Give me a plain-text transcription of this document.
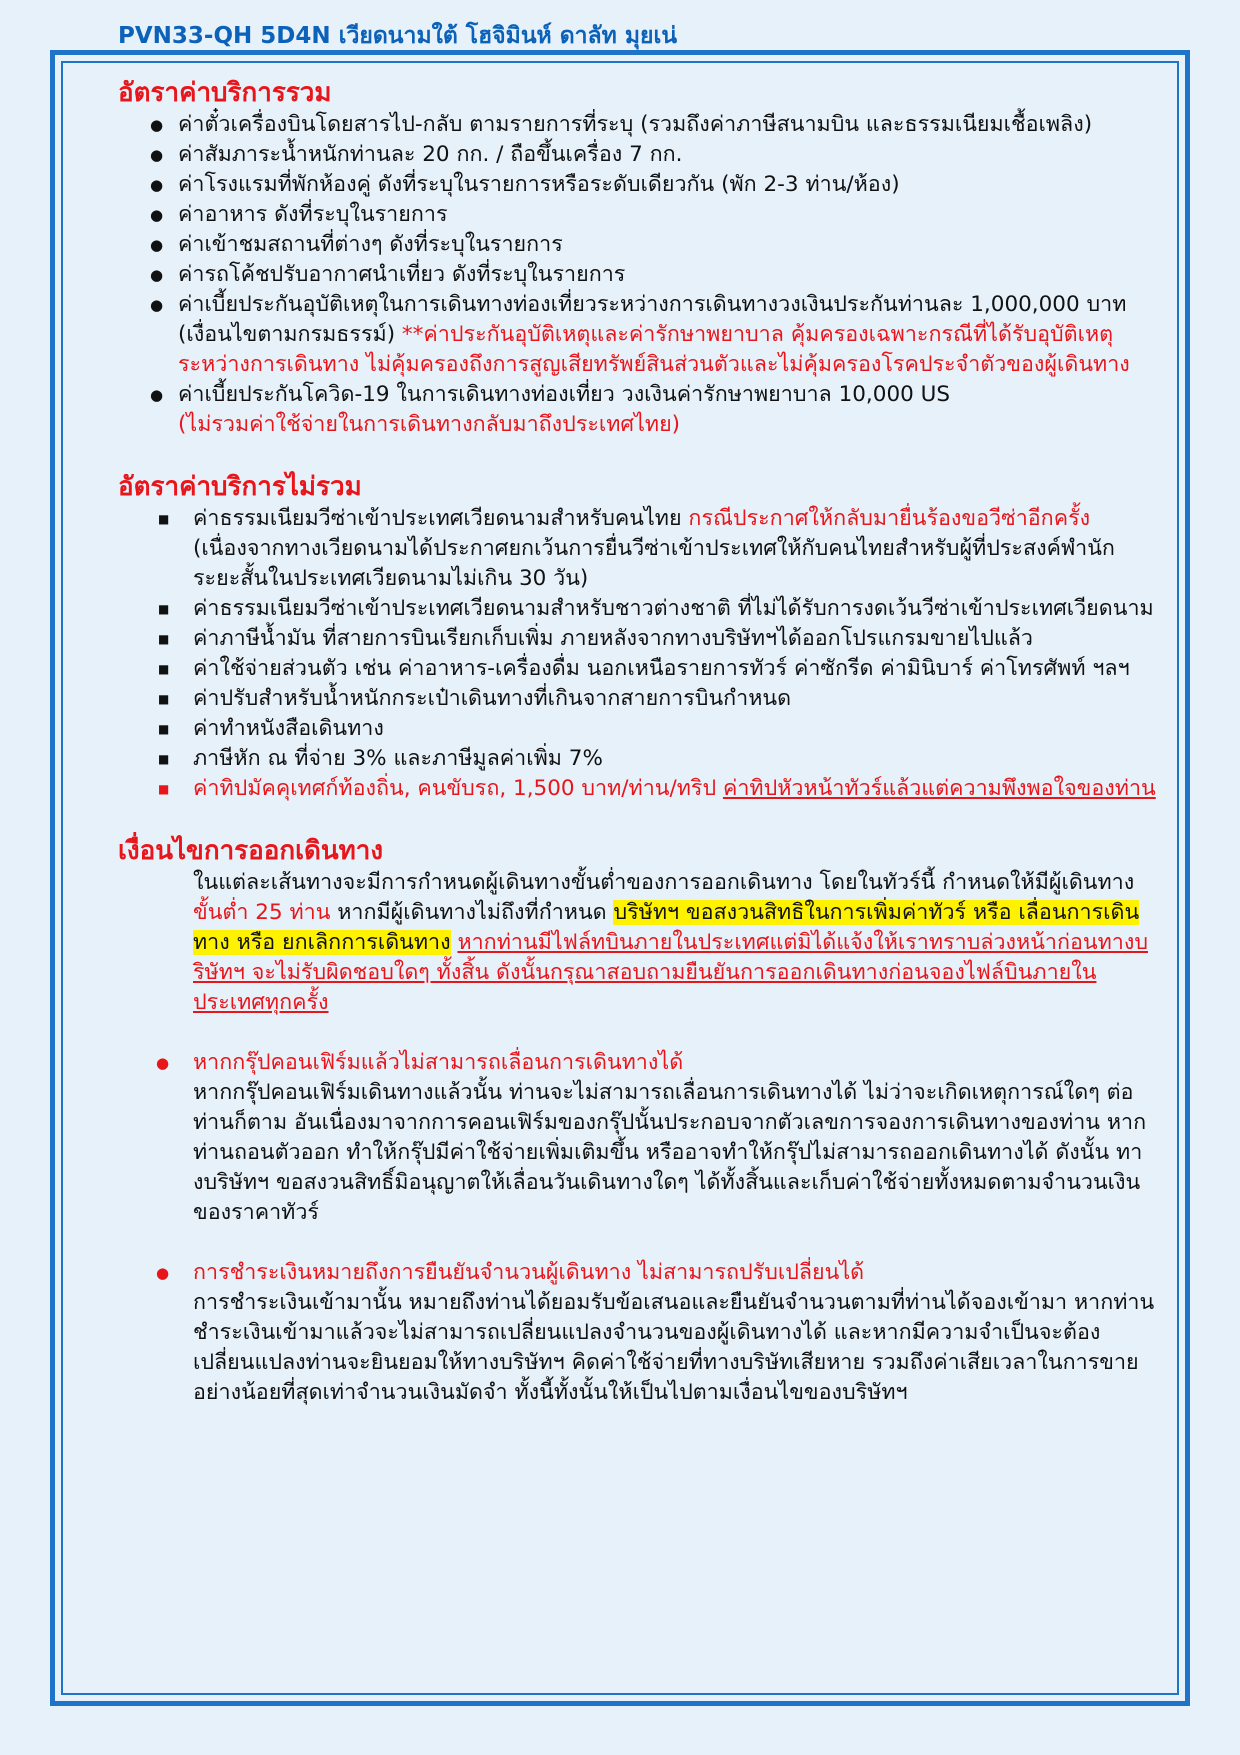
PVN33-QH 5D4N เวียดนามใต้ โฮจิมินห์ ดาลัท มุยเน่
อัตราค่าบริการรวม
● ค่าตั๋วเครื่องบินโดยสารไป-กลับ ตามรายการที่ระบุ (รวมถึงค่าภาษีสนามบิน และธรรมเนียมเชื้อเพลิง)
● ค่าสัมภาระน้ำหนักท่านละ 20 กก. / ถือขึ้นเครื่อง 7 กก.
● ค่าโรงแรมที่พักห้องคู่ ดังที่ระบุในรายการหรือระดับเดียวกัน (พัก 2-3 ท่าน/ห้อง)
● ค่าอาหาร ดังที่ระบุในรายการ
● ค่าเข้าชมสถานที่ต่างๆ ดังที่ระบุในรายการ
● ค่ารถโค้ชปรับอากาศนำเที่ยว ดังที่ระบุในรายการ
● ค่าเบี้ยประกันอุบัติเหตุในการเดินทางท่องเที่ยวระหว่างการเดินทางวงเงินประกันท่านละ 1,000,000 บาท (เงื่อนไขตามกรมธรรม์) **ค่าประกันอุบัติเหตุและค่ารักษาพยาบาล คุ้มครองเฉพาะกรณีที่ได้รับอุบัติเหตุระหว่างการเดินทาง ไม่คุ้มครองถึงการสูญเสียทรัพย์สินส่วนตัวและไม่คุ้มครองโรคประจำตัวของผู้เดินทาง
● ค่าเบี้ยประกันโควิด-19 ในการเดินทางท่องเที่ยว วงเงินค่ารักษาพยาบาล 10,000 US
(ไม่รวมค่าใช้จ่ายในการเดินทางกลับมาถึงประเทศไทย)
อัตราค่าบริการไม่รวม
■ ค่าธรรมเนียมวีซ่าเข้าประเทศเวียดนามสำหรับคนไทย กรณีประกาศให้กลับมายื่นร้องขอวีซ่าอีกครั้ง (เนื่องจากทางเวียดนามได้ประกาศยกเว้นการยื่นวีซ่าเข้าประเทศให้กับคนไทยสำหรับผู้ที่ประสงค์พำนักระยะสั้นในประเทศเวียดนามไม่เกิน 30 วัน)
■ ค่าธรรมเนียมวีซ่าเข้าประเทศเวียดนามสำหรับชาวต่างชาติ ที่ไม่ได้รับการงดเว้นวีซ่าเข้าประเทศเวียดนาม
■ ค่าภาษีน้ำมัน ที่สายการบินเรียกเก็บเพิ่ม ภายหลังจากทางบริษัทฯได้ออกโปรแกรมขายไปแล้ว
■ ค่าใช้จ่ายส่วนตัว เช่น ค่าอาหาร-เครื่องดื่ม นอกเหนือรายการทัวร์ ค่าซักรีด ค่ามินิบาร์ ค่าโทรศัพท์ ฯลฯ
■ ค่าปรับสำหรับน้ำหนักกระเป๋าเดินทางที่เกินจากสายการบินกำหนด
■ ค่าทำหนังสือเดินทาง
■ ภาษีหัก ณ ที่จ่าย 3% และภาษีมูลค่าเพิ่ม 7%
■ ค่าทิปมัคคุเทศก์ท้องถิ่น, คนขับรถ, 1,500 บาท/ท่าน/ทริป ค่าทิปหัวหน้าทัวร์แล้วแต่ความพึงพอใจของท่าน
เงื่อนไขการออกเดินทาง
ในแต่ละเส้นทางจะมีการกำหนดผู้เดินทางขั้นต่ำของการออกเดินทาง โดยในทัวร์นี้ กำหนดให้มีผู้เดินทางขั้นต่ำ 25 ท่าน หากมีผู้เดินทางไม่ถึงที่กำหนด บริษัทฯ ขอสงวนสิทธิในการเพิ่มค่าทัวร์ หรือ เลื่อนการเดินทาง หรือ ยกเลิกการเดินทาง หากท่านมีไฟล์ทบินภายในประเทศแต่มิได้แจ้งให้เราทราบล่วงหน้าก่อนทางบริษัทฯ จะไม่รับผิดชอบใดๆ ทั้งสิ้น ดังนั้นกรุณาสอบถามยืนยันการออกเดินทางก่อนจองไฟล์บินภายในประเทศทุกครั้ง
● หากกรุ๊ปคอนเฟิร์มแล้วไม่สามารถเลื่อนการเดินทางได้
หากกรุ๊ปคอนเฟิร์มเดินทางแล้วนั้น ท่านจะไม่สามารถเลื่อนการเดินทางได้ ไม่ว่าจะเกิดเหตุการณ์ใดๆ ต่อท่านก็ตาม อันเนื่องมาจากการคอนเฟิร์มของกรุ๊ปนั้นประกอบจากตัวเลขการจองการเดินทางของท่าน หากท่านถอนตัวออก ทำให้กรุ๊ปมีค่าใช้จ่ายเพิ่มเติมขึ้น หรืออาจทำให้กรุ๊ปไม่สามารถออกเดินทางได้ ดังนั้น ทางบริษัทฯ ขอสงวนสิทธิ์มิอนุญาตให้เลื่อนวันเดินทางใดๆ ได้ทั้งสิ้นและเก็บค่าใช้จ่ายทั้งหมดตามจำนวนเงินของราคาทัวร์
● การชำระเงินหมายถึงการยืนยันจำนวนผู้เดินทาง ไม่สามารถปรับเปลี่ยนได้
การชำระเงินเข้ามานั้น หมายถึงท่านได้ยอมรับข้อเสนอและยืนยันจำนวนตามที่ท่านได้จองเข้ามา หากท่านชำระเงินเข้ามาแล้วจะไม่สามารถเปลี่ยนแปลงจำนวนของผู้เดินทางได้ และหากมีความจำเป็นจะต้องเปลี่ยนแปลงท่านจะยินยอมให้ทางบริษัทฯ คิดค่าใช้จ่ายที่ทางบริษัทเสียหาย รวมถึงค่าเสียเวลาในการขาย อย่างน้อยที่สุดเท่าจำนวนเงินมัดจำ ทั้งนี้ทั้งนั้นให้เป็นไปตามเงื่อนไขของบริษัทฯ
